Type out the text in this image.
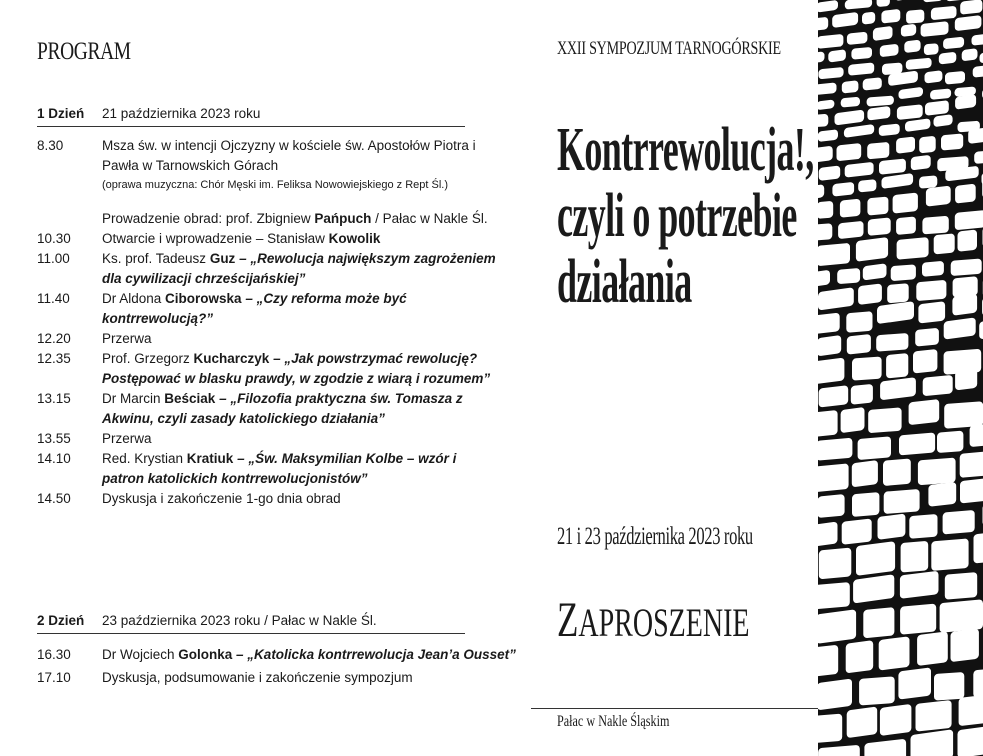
PROGRAM
1 Dzień 21 października 2023 roku
8.30	Msza św. w intencji Ojczyzny w kościele św. Apostołów Piotra i Pawła w Tarnowskich Górach
(oprawa muzyczna: Chór Męski im. Feliksa Nowowiejskiego z Rept Śl.)
Prowadzenie obrad: prof. Zbigniew Pańpuch / Pałac w Nakle Śl.
10.30	Otwarcie i wprowadzenie – Stanisław Kowolik
11.00	Ks. prof. Tadeusz Guz – „Rewolucja największym zagrożeniem dla cywilizacji chrześcijańskiej”
11.40	Dr Aldona Ciborowska – „Czy reforma może być kontrrewolucją?”
12.20	Przerwa
12.35	Prof. Grzegorz Kucharczyk – „Jak powstrzymać rewolucję? Postępować w blasku prawdy, w zgodzie z wiarą i rozumem”
13.15	Dr Marcin Beściak – „Filozofia praktyczna św. Tomasza z Akwinu, czyli zasady katolickiego działania”
13.55	Przerwa
14.10	Red. Krystian Kratiuk – „Św. Maksymilian Kolbe – wzór i patron katolickich kontrrewolucjonistów”
14.50	Dyskusja i zakończenie 1-go dnia obrad
2 Dzień 23 października 2023 roku / Pałac w Nakle Śl.
16.30	Dr Wojciech Golonka – „Katolicka kontrrewolucja Jean’a Ousset”
17.10	Dyskusja, podsumowanie i zakończenie sympozjum
XXII SYMPOZJUM TARNOGÓRSKIE
Kontrrewolucja!,
czyli o potrzebie
działania
21 i 23 października 2023 roku
ZAPROSZENIE
Pałac w Nakle Śląskim
